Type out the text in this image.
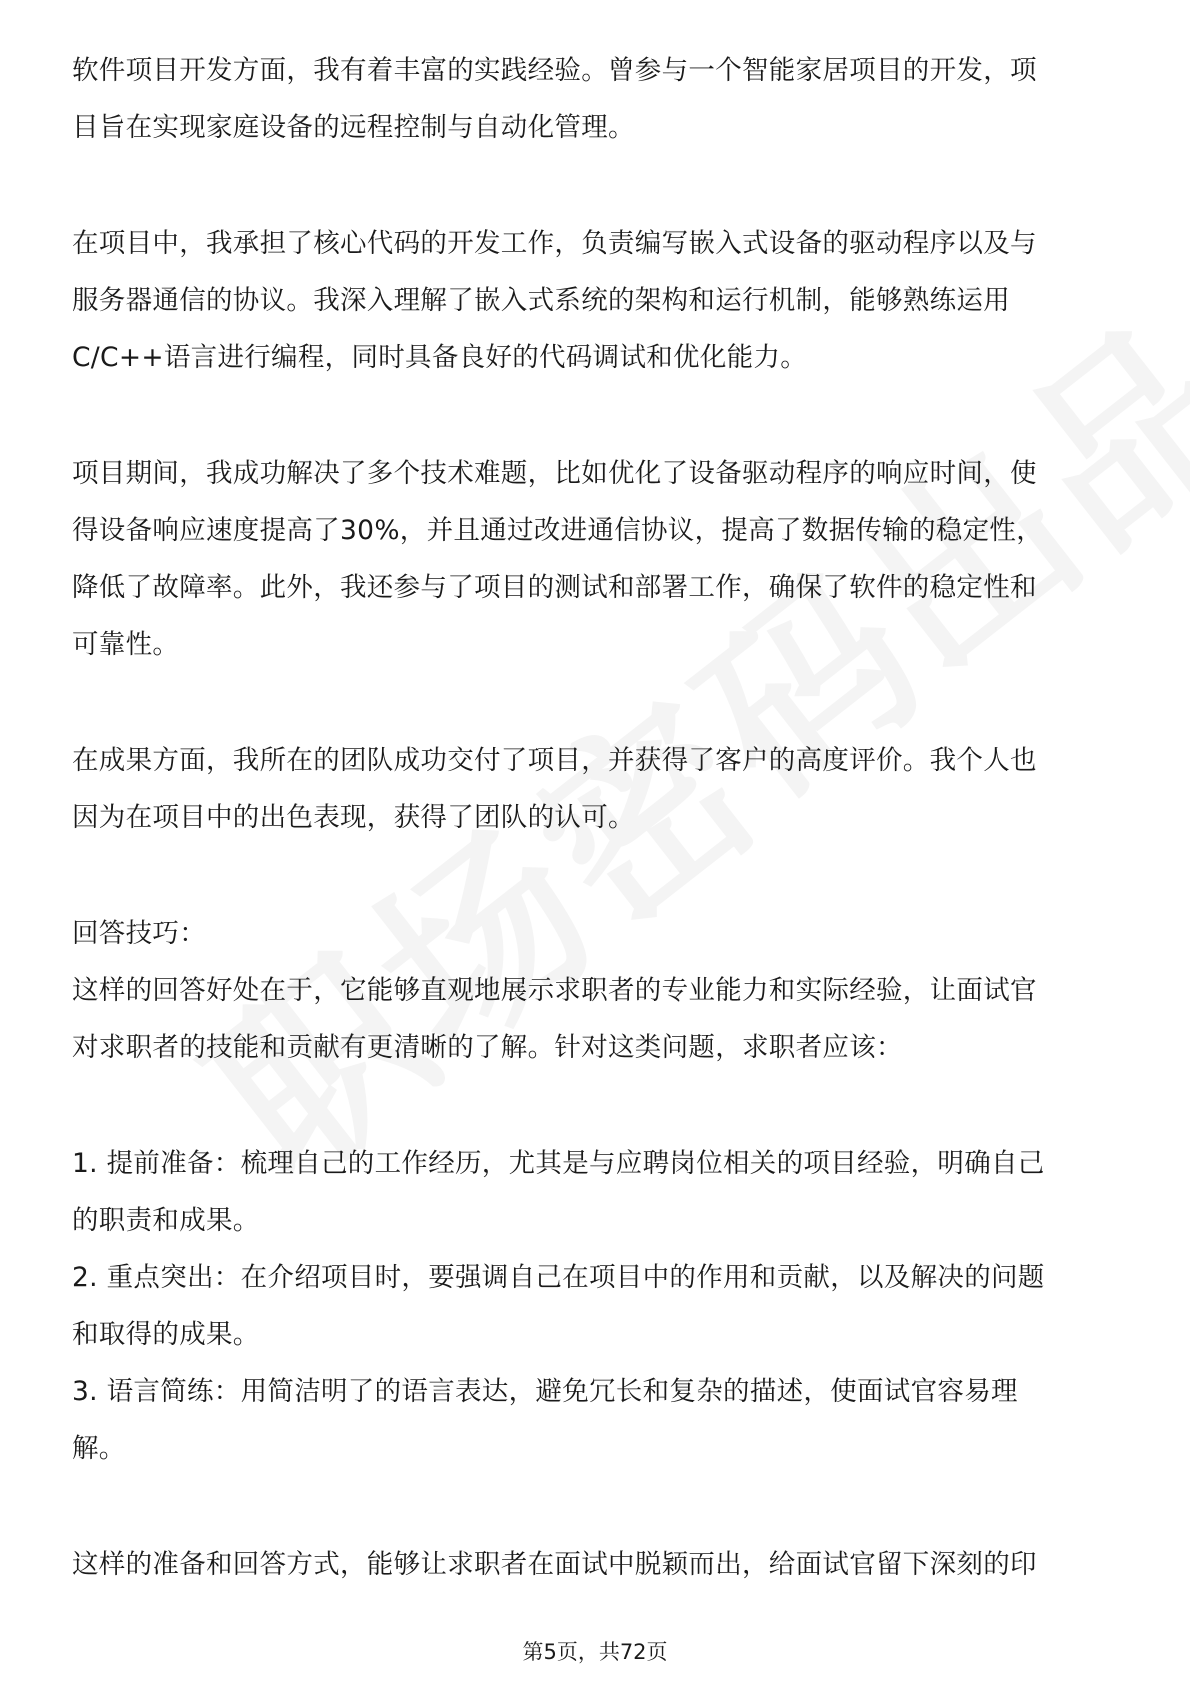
软件项目开发方面，我有着丰富的实践经验。曾参与一个智能家居项目的开发，项
目旨在实现家庭设备的远程控制与自动化管理。
在项目中，我承担了核心代码的开发工作，负责编写嵌入式设备的驱动程序以及与
服务器通信的协议。我深入理解了嵌入式系统的架构和运行机制，能够熟练运用
C/C++语言进行编程，同时具备良好的代码调试和优化能力。
项目期间，我成功解决了多个技术难题，比如优化了设备驱动程序的响应时间，使
得设备响应速度提高了30%，并且通过改进通信协议，提高了数据传输的稳定性，
降低了故障率。此外，我还参与了项目的测试和部署工作，确保了软件的稳定性和
可靠性。
在成果方面，我所在的团队成功交付了项目，并获得了客户的高度评价。我个人也
因为在项目中的出色表现，获得了团队的认可。
回答技巧：
这样的回答好处在于，它能够直观地展示求职者的专业能力和实际经验，让面试官
对求职者的技能和贡献有更清晰的了解。针对这类问题，求职者应该：
1. 提前准备：梳理自己的工作经历，尤其是与应聘岗位相关的项目经验，明确自己
的职责和成果。
2. 重点突出：在介绍项目时，要强调自己在项目中的作用和贡献，以及解决的问题
和取得的成果。
3. 语言简练：用简洁明了的语言表达，避免冗长和复杂的描述，使面试官容易理
解。
这样的准备和回答方式，能够让求职者在面试中脱颖而出，给面试官留下深刻的印
第5页，共72页
